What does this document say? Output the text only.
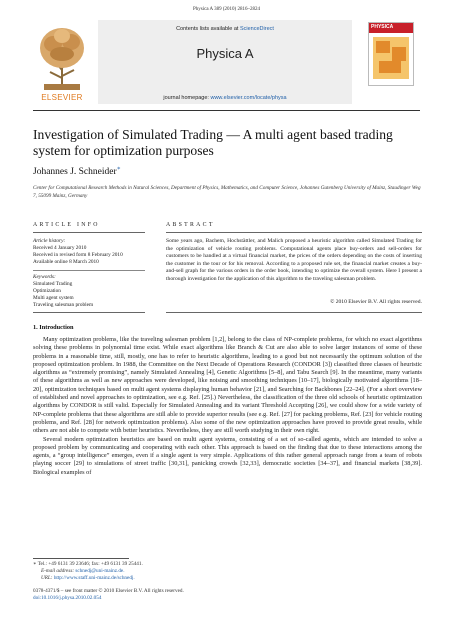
Physica A 389 (2010) 2816–2824
ELSEVIER
Contents lists available at ScienceDirect
Physica A
journal homepage: www.elsevier.com/locate/physa
PHYSICA
Investigation of Simulated Trading — A multi agent based trading system for optimization purposes
Johannes J. Schneider∗
Center for Computational Research Methods in Natural Sciences, Department of Physics, Mathematics, and Computer Science, Johannes Gutenberg University of Mainz, Staudinger Weg 7, 55099 Mainz, Germany
ARTICLE INFO
Article history:
Received 4 January 2010
Received in revised form 8 February 2010
Available online 8 March 2010
Keywords:
Simulated Trading
Optimization
Multi agent system
Traveling salesman problem
ABSTRACT
Some years ago, Bachem, Hochstättler, and Malich proposed a heuristic algorithm called Simulated Trading for the optimization of vehicle routing problems. Computational agents place buy-orders and sell-orders for customers to be handled at a virtual financial market, the prices of the orders depending on the costs of inserting the customer in the tour or for his removal. According to a proposed rule set, the financial market creates a buy-and-sell graph for the various orders in the order book, intending to optimize the overall system. Here I present a thorough investigation for the application of this algorithm to the traveling salesman problem.
© 2010 Elsevier B.V. All rights reserved.
1. Introduction

Many optimization problems, like the traveling salesman problem [1,2], belong to the class of NP-complete problems, for which no exact algorithms solving these problems in polynomial time exist. While exact algorithms like Branch & Cut are also able to solve larger instances of some of these problems in a reasonable time, still, mostly, one has to refer to heuristic algorithms, leading to a good but not necessarily the optimum solution of the proposed optimization problem. In 1988, the Committee on the Next Decade of Operations Research (CONDOR [3]) classified three classes of heuristic algorithms as “extremely promising”, namely Simulated Annealing [4], Genetic Algorithms [5–8], and Tabu Search [9]. In the meantime, many variants of these algorithms as well as new approaches were developed, like noising and smoothing techniques [10–17], biologically motivated algorithms [18–20], optimization techniques based on multi agent systems displaying human behavior [21], and Searching for Backbones [22–24]. (For a short overview of established and novel approaches to optimization, see e.g. Ref. [25].) Nevertheless, the classification of the three old schools of heuristic optimization algorithms by CONDOR is still valid. Especially for Simulated Annealing and its variant Threshold Accepting [26], we could show for a wide variety of NP-complete problems that these algorithms are still able to provide superior results (see e.g. Ref. [27] for packing problems, Ref. [23] for vehicle routing problems, and Ref. [28] for network optimization problems). Also some of the new optimization approaches have proved to provide great results, while others are not able to compete with better heuristics. Nevertheless, they are still worth studying in their own right.

Several modern optimization heuristics are based on multi agent systems, consisting of a set of so-called agents, which are intended to solve a proposed problem by communicating and cooperating with each other. This approach is based on the finding that due to these interactions among the agents, a “group intelligence” emerges, even if a single agent is very simple. Applications of this rather general approach range from a team of robots playing soccer [29] to simulations of street traffic [30,31], panicking crowds [32,33], democratic societies [34–37], and financial markets [38,39]. Biological examples of

∗ Tel.: +49 6131 39 23646; fax: +49 6131 39 25441.
E-mail address: schnedj@uni-mainz.de.
URL: http://www.staff.uni-mainz.de/schnedj.
0378-4371/$ – see front matter © 2010 Elsevier B.V. All rights reserved.
doi:10.1016/j.physa.2010.02.054
